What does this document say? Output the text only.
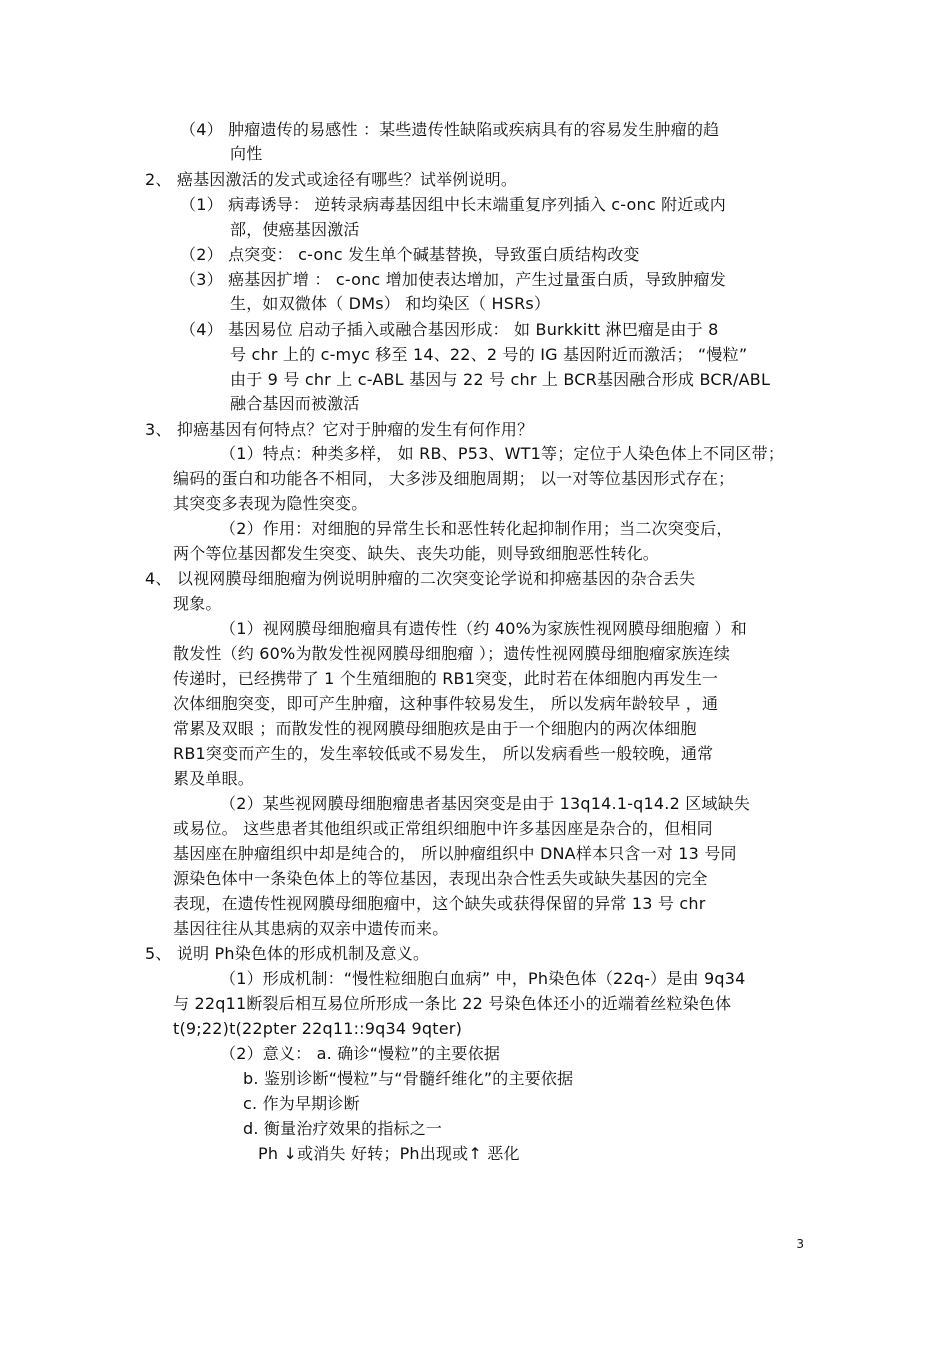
（4） 肿瘤遗传的易感性 ：某些遗传性缺陷或疾病具有的容易发生肿瘤的趋
向性
2、 癌基因激活的发式或途径有哪些？试举例说明。
（1） 病毒诱导： 逆转录病毒基因组中长末端重复序列插入 c-onc 附近或内
部，使癌基因激活
（2） 点突变： c-onc 发生单个碱基替换，导致蛋白质结构改变
（3） 癌基因扩增 ： c-onc 增加使表达增加，产生过量蛋白质，导致肿瘤发
生，如双微体（ DMs） 和均染区（ HSRs）
（4） 基因易位 启动子插入或融合基因形成： 如 Burkkitt 淋巴瘤是由于 8
号 chr 上的 c-myc 移至 14、22、2 号的 IG 基因附近而激活； “慢粒”
由于 9 号 chr 上 c-ABL 基因与 22 号 chr 上 BCR基因融合形成 BCR/ABL
融合基因而被激活
3、 抑癌基因有何特点？它对于肿瘤的发生有何作用？
（1）特点：种类多样， 如 RB、P53、WT1等；定位于人染色体上不同区带；
编码的蛋白和功能各不相同， 大多涉及细胞周期； 以一对等位基因形式存在；
其突变多表现为隐性突变。
（2）作用：对细胞的异常生长和恶性转化起抑制作用；当二次突变后，
两个等位基因都发生突变、缺失、丧失功能，则导致细胞恶性转化。
4、 以视网膜母细胞瘤为例说明肿瘤的二次突变论学说和抑癌基因的杂合丢失
现象。
（1）视网膜母细胞瘤具有遗传性（约 40%为家族性视网膜母细胞瘤 ）和
散发性（约 60%为散发性视网膜母细胞瘤 ）；遗传性视网膜母细胞瘤家族连续
传递时，已经携带了 1 个生殖细胞的 RB1突变，此时若在体细胞内再发生一
次体细胞突变，即可产生肿瘤，这种事件较易发生， 所以发病年龄较早 ，通
常累及双眼 ；而散发性的视网膜母细胞疚是由于一个细胞内的两次体细胞
RB1突变而产生的，发生率较低或不易发生， 所以发病看些一般较晚，通常
累及单眼。
（2）某些视网膜母细胞瘤患者基因突变是由于 13q14.1-q14.2 区域缺失
或易位。 这些患者其他组织或正常组织细胞中许多基因座是杂合的，但相同
基因座在肿瘤组织中却是纯合的， 所以肿瘤组织中 DNA样本只含一对 13 号同
源染色体中一条染色体上的等位基因，表现出杂合性丢失或缺失基因的完全
表现，在遗传性视网膜母细胞瘤中，这个缺失或获得保留的异常 13 号 chr
基因往往从其患病的双亲中遗传而来。
5、 说明 Ph染色体的形成机制及意义。
（1）形成机制：“慢性粒细胞白血病” 中，Ph染色体（22q-）是由 9q34
与 22q11断裂后相互易位所形成一条比 22 号染色体还小的近端着丝粒染色体
t(9;22)t(22pter 22q11::9q34 9qter)
（2）意义： a. 确诊“慢粒”的主要依据
b. 鉴别诊断“慢粒”与“骨髓纤维化”的主要依据
c. 作为早期诊断
d. 衡量治疗效果的指标之一
Ph ↓或消失 好转；Ph出现或↑ 恶化
3
